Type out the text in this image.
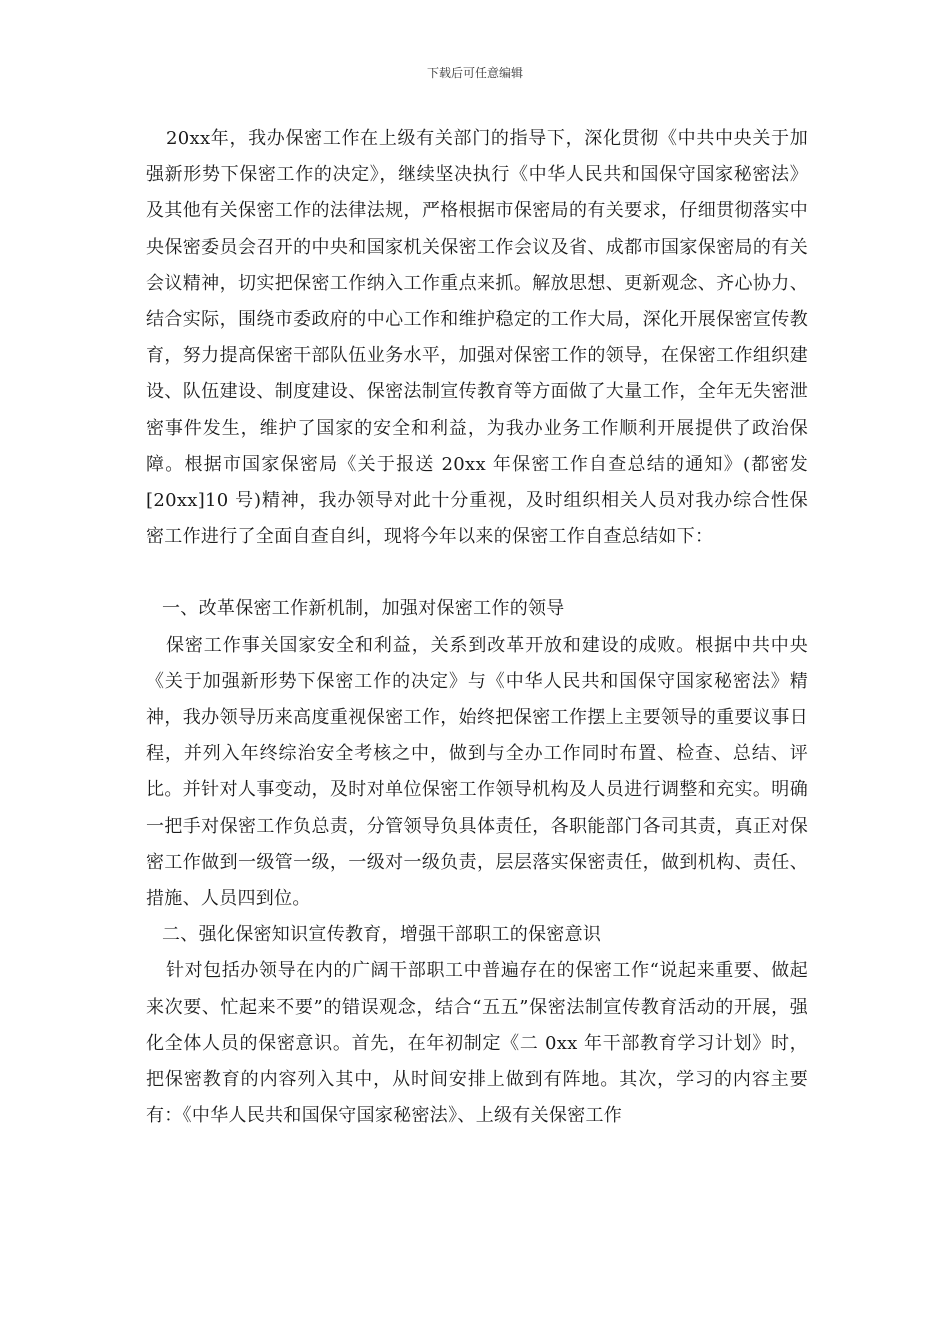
下载后可任意编辑

20xx年，我办保密工作在上级有关部门的指导下，深化贯彻《中共中央关于加强新形势下保密工作的决定》，继续坚决执行《中华人民共和国保守国家秘密法》及其他有关保密工作的法律法规，严格根据市保密局的有关要求，仔细贯彻落实中央保密委员会召开的中央和国家机关保密工作会议及省、成都市国家保密局的有关会议精神，切实把保密工作纳入工作重点来抓。解放思想、更新观念、齐心协力、结合实际，围绕市委政府的中心工作和维护稳定的工作大局，深化开展保密宣传教育，努力提高保密干部队伍业务水平，加强对保密工作的领导，在保密工作组织建设、队伍建设、制度建设、保密法制宣传教育等方面做了大量工作，全年无失密泄密事件发生，维护了国家的安全和利益，为我办业务工作顺利开展提供了政治保障。根据市国家保密局《关于报送 20xx 年保密工作自查总结的通知》(都密发[20xx]10 号)精神，我办领导对此十分重视，及时组织相关人员对我办综合性保密工作进行了全面自查自纠，现将今年以来的保密工作自查总结如下：

一、改革保密工作新机制，加强对保密工作的领导

保密工作事关国家安全和利益，关系到改革开放和建设的成败。根据中共中央《关于加强新形势下保密工作的决定》与《中华人民共和国保守国家秘密法》精神，我办领导历来高度重视保密工作，始终把保密工作摆上主要领导的重要议事日程，并列入年终综治安全考核之中，做到与全办工作同时布置、检查、总结、评比。并针对人事变动，及时对单位保密工作领导机构及人员进行调整和充实。明确一把手对保密工作负总责，分管领导负具体责任，各职能部门各司其责，真正对保密工作做到一级管一级，一级对一级负责，层层落实保密责任，做到机构、责任、措施、人员四到位。

二、强化保密知识宣传教育，增强干部职工的保密意识

针对包括办领导在内的广阔干部职工中普遍存在的保密工作“说起来重要、做起来次要、忙起来不要”的错误观念，结合“五五”保密法制宣传教育活动的开展，强化全体人员的保密意识。首先，在年初制定《二 0xx 年干部教育学习计划》时，把保密教育的内容列入其中，从时间安排上做到有阵地。其次，学习的内容主要有：《中华人民共和国保守国家秘密法》、上级有关保密工作
